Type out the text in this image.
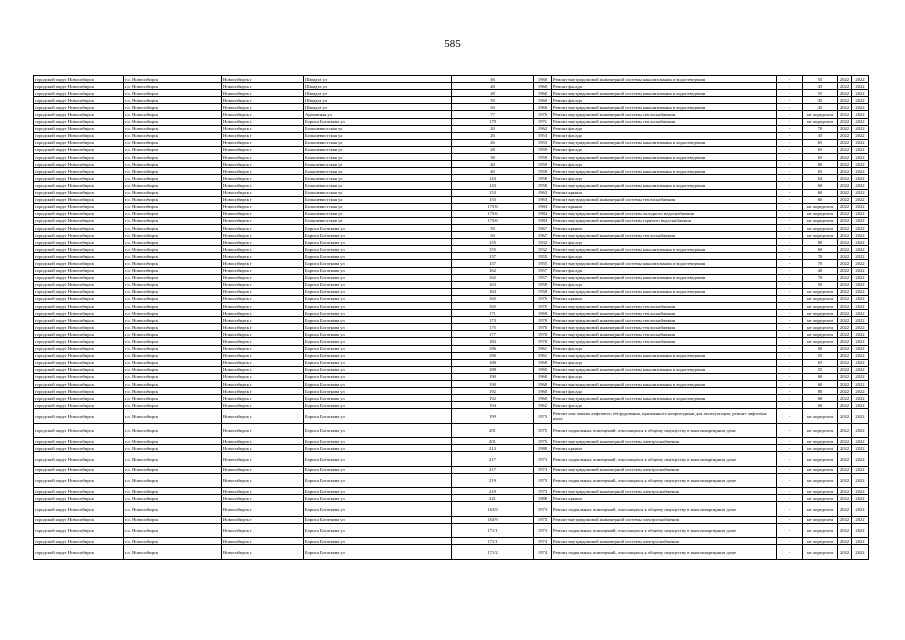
585
городской округ Новосибирск	г.о. Новосибирск	Новосибирск г	Шмидта ул	46	1960	Ремонт внутридомовой инженерной системы канализования и водоотведения	-	55	2022	2022
городской округ Новосибирск	г.о. Новосибирск	Новосибирск г	Шмидта ул	48	1960	Ремонт фасада	-	45	2022	2022
городской округ Новосибирск	г.о. Новосибирск	Новосибирск г	Шмидта ул	48	1960	Ремонт внутридомовой инженерной системы канализования и водоотведения	-	55	2022	2022
городской округ Новосибирск	г.о. Новосибирск	Новосибирск г	Шмидта ул	50	1960	Ремонт фасада	-	45	2022	2022
городской округ Новосибирск	г.о. Новосибирск	Новосибирск г	Шмидта ул	50	1960	Ремонт внутридомовой инженерной системы канализования и водоотведения	-	45	2022	2022
городской округ Новосибирск	г.о. Новосибирск	Новосибирск г	Ароматная ул	77	1970	Ремонт внутридомовой инженерной системы теплоснабжения	-	не определен	2022	2022
городской округ Новосибирск	г.о. Новосибирск	Новосибирск г	Бориса Богаткова ул	179	1971	Ремонт внутридомовой инженерной системы теплоснабжения	-	не определен	2022	2022
городской округ Новосибирск	г.о. Новосибирск	Новосибирск г	Большевистская ул	20	1962	Ремонт фасада	-	70	2022	2022
городской округ Новосибирск	г.о. Новосибирск	Новосибирск г	Большевистская ул	26	1953	Ремонт фасада	-	45	2022	2022
городской округ Новосибирск	г.о. Новосибирск	Новосибирск г	Большевистская ул	26	1953	Ремонт внутридомовой инженерной системы канализования и водоотведения	-	65	2022	2022
городской округ Новосибирск	г.о. Новосибирск	Новосибирск г	Большевистская ул	28	1959	Ремонт фасада	-	65	2022	2022
городской округ Новосибирск	г.о. Новосибирск	Новосибирск г	Большевистская ул	38	1959	Ремонт внутридомовой инженерной системы канализования и водоотведения	-	65	2022	2022
городской округ Новосибирск	г.о. Новосибирск	Новосибирск г	Большевистская ул	40	1959	Ремонт фасада	-	80	2022	2022
городской округ Новосибирск	г.о. Новосибирск	Новосибирск г	Большевистская ул	40	1959	Ремонт внутридомовой инженерной системы канализования и водоотведения	-	65	2022	2022
городской округ Новосибирск	г.о. Новосибирск	Новосибирск г	Большевистская ул	143	1958	Ремонт фасада	-	64	2022	2022
городской округ Новосибирск	г.о. Новосибирск	Новосибирск г	Большевистская ул	143	1958	Ремонт внутридомовой инженерной системы канализования и водоотведения	-	60	2022	2022
городской округ Новосибирск	г.о. Новосибирск	Новосибирск г	Большевистская ул	153	1963	Ремонт крыши	-	60	2022	2022
городской округ Новосибирск	г.о. Новосибирск	Новосибирск г	Большевистская ул	153	1963	Ремонт внутридомовой инженерной системы теплоснабжения	-	60	2022	2022
городской округ Новосибирск	г.о. Новосибирск	Новосибирск г	Большевистская ул	175/6	1984	Ремонт крыши	-	не определен	2022	2022
городской округ Новосибирск	г.о. Новосибирск	Новосибирск г	Большевистская ул	175/6	1984	Ремонт внутридомовой инженерной системы холодного водоснабжения	-	не определен	2022	2022
городской округ Новосибирск	г.о. Новосибирск	Новосибирск г	Большевистская ул	175/6	1984	Ремонт внутридомовой инженерной системы горячего водоснабжения	-	не определен	2022	2022
городской округ Новосибирск	г.о. Новосибирск	Новосибирск г	Бориса Богаткова ул	50	1967	Ремонт крыши	-	не определен	2022	2022
городской округ Новосибирск	г.о. Новосибирск	Новосибирск г	Бориса Богаткова ул	50	1967	Ремонт внутридомовой инженерной системы теплоснабжения	-	не определен	2022	2022
городской округ Новосибирск	г.о. Новосибирск	Новосибирск г	Бориса Богаткова ул	155	1932	Ремонт фасада	-	80	2022	2022
городской округ Новосибирск	г.о. Новосибирск	Новосибирск г	Бориса Богаткова ул	155	1932	Ремонт внутридомовой инженерной системы канализования и водоотведения	-	60	2022	2022
городской округ Новосибирск	г.о. Новосибирск	Новосибирск г	Бориса Богаткова ул	157	1955	Ремонт фасада	-	70	2022	2022
городской округ Новосибирск	г.о. Новосибирск	Новосибирск г	Бориса Богаткова ул	157	1955	Ремонт внутридомовой инженерной системы канализования и водоотведения	-	70	2022	2022
городской округ Новосибирск	г.о. Новосибирск	Новосибирск г	Бориса Богаткова ул	162	1957	Ремонт фасада	-	40	2022	2022
городской округ Новосибирск	г.о. Новосибирск	Новосибирск г	Бориса Богаткова ул	162	1957	Ремонт внутридомовой инженерной системы канализования и водоотведения	-	70	2022	2022
городской округ Новосибирск	г.о. Новосибирск	Новосибирск г	Бориса Богаткова ул	163	1958	Ремонт фасада	-	50	2022	2022
городской округ Новосибирск	г.о. Новосибирск	Новосибирск г	Бориса Богаткова ул	163	1958	Ремонт внутридомовой инженерной системы канализования и водоотведения	-	не определен	2022	2022
городской округ Новосибирск	г.о. Новосибирск	Новосибирск г	Бориса Богаткова ул	165	1970	Ремонт крыши	-	не определен	2022	2022
городской округ Новосибирск	г.о. Новосибирск	Новосибирск г	Бориса Богаткова ул	165	1970	Ремонт внутридомовой инженерной системы теплоснабжения	-	не определен	2022	2022
городской округ Новосибирск	г.о. Новосибирск	Новосибирск г	Бориса Богаткова ул	171	1969	Ремонт внутридомовой инженерной системы теплоснабжения	-	не определен	2022	2022
городской округ Новосибирск	г.о. Новосибирск	Новосибирск г	Бориса Богаткова ул	173	1970	Ремонт внутридомовой инженерной системы теплоснабжения	-	не определен	2022	2022
городской округ Новосибирск	г.о. Новосибирск	Новосибирск г	Бориса Богаткова ул	175	1970	Ремонт внутридомовой инженерной системы теплоснабжения	-	не определен	2022	2022
городской округ Новосибирск	г.о. Новосибирск	Новосибирск г	Бориса Богаткова ул	177	1970	Ремонт внутридомовой инженерной системы теплоснабжения	-	не определен	2022	2022
городской округ Новосибирск	г.о. Новосибирск	Новосибирск г	Бориса Богаткова ул	183	1970	Ремонт внутридомовой инженерной системы теплоснабжения	-	не определен	2022	2022
городской округ Новосибирск	г.о. Новосибирск	Новосибирск г	Бориса Богаткова ул	186	1961	Ремонт фасада	-	60	2022	2022
городской округ Новосибирск	г.о. Новосибирск	Новосибирск г	Бориса Богаткова ул	186	1961	Ремонт внутридомовой инженерной системы канализования и водоотведения	-	55	2022	2022
городской округ Новосибирск	г.о. Новосибирск	Новосибирск г	Бориса Богаткова ул	188	1960	Ремонт фасада	-	65	2022	2022
городской округ Новосибирск	г.о. Новосибирск	Новосибирск г	Бориса Богаткова ул	188	1960	Ремонт внутридомовой инженерной системы канализования и водоотведения	-	55	2022	2022
городской округ Новосибирск	г.о. Новосибирск	Новосибирск г	Бориса Богаткова ул	190	1960	Ремонт фасада	-	60	2022	2022
городской округ Новосибирск	г.о. Новосибирск	Новосибирск г	Бориса Богаткова ул	190	1960	Ремонт внутридомовой инженерной системы канализования и водоотведения	-	60	2022	2022
городской округ Новосибирск	г.о. Новосибирск	Новосибирск г	Бориса Богаткова ул	192	1960	Ремонт фасада	-	80	2022	2022
городской округ Новосибирск	г.о. Новосибирск	Новосибирск г	Бориса Богаткова ул	192	1960	Ремонт внутридомовой инженерной системы канализования и водоотведения	-	60	2022	2022
городской округ Новосибирск	г.о. Новосибирск	Новосибирск г	Бориса Богаткова ул	194	1962	Ремонт фасада	-	60	2022	2022
городской округ Новосибирск	г.о. Новосибирск	Новосибирск г	Бориса Богаткова ул	199	1973	Ремонт или замена лифтового оборудования, признанного непригодным для эксплуатации, ремонт лифтовых шахт	-	не определен	2022	2022
городской округ Новосибирск	г.о. Новосибирск	Новосибирск г	Бориса Богаткова ул	201	1975	Ремонт подвальных помещений, относящихся к общему имуществу в многоквартирном доме	-	не определен	2022	2022
городской округ Новосибирск	г.о. Новосибирск	Новосибирск г	Бориса Богаткова ул	201	1975	Ремонт внутридомовой инженерной системы электроснабжения	-	не определен	2022	2022
городской округ Новосибирск	г.о. Новосибирск	Новосибирск г	Бориса Богаткова ул	213	1989	Ремонт крыши	-	не определен	2022	2022
городской округ Новосибирск	г.о. Новосибирск	Новосибирск г	Бориса Богаткова ул	217	1973	Ремонт подвальных помещений, относящихся к общему имуществу в многоквартирном доме	-	не определен	2022	2022
городской округ Новосибирск	г.о. Новосибирск	Новосибирск г	Бориса Богаткова ул	217	1973	Ремонт внутридомовой инженерной системы электроснабжения	-	не определен	2022	2022
городской округ Новосибирск	г.о. Новосибирск	Новосибирск г	Бориса Богаткова ул	219	1973	Ремонт подвальных помещений, относящихся к общему имуществу в многоквартирном доме	-	не определен	2022	2022
городской округ Новосибирск	г.о. Новосибирск	Новосибирск г	Бориса Богаткова ул	219	1973	Ремонт внутридомовой инженерной системы электроснабжения	-	не определен	2022	2022
городской округ Новосибирск	г.о. Новосибирск	Новосибирск г	Бориса Богаткова ул	221	1988	Ремонт крыши	-	не определен	2022	2022
городской округ Новосибирск	г.о. Новосибирск	Новосибирск г	Бориса Богаткова ул	163/9	1973	Ремонт подвальных помещений, относящихся к общему имуществу в многоквартирном доме	-	не определен	2022	2022
городской округ Новосибирск	г.о. Новосибирск	Новосибирск г	Бориса Богаткова ул	163/9	1973	Ремонт внутридомовой инженерной системы электроснабжения	-	не определен	2022	2022
городской округ Новосибирск	г.о. Новосибирск	Новосибирск г	Бориса Богаткова ул	171/1	1973	Ремонт подвальных помещений, относящихся к общему имуществу в многоквартирном доме	-	не определен	2022	2022
городской округ Новосибирск	г.о. Новосибирск	Новосибирск г	Бориса Богаткова ул	171/1	1973	Ремонт внутридомовой инженерной системы электроснабжения	-	не определен	2022	2022
городской округ Новосибирск	г.о. Новосибирск	Новосибирск г	Бориса Богаткова ул	171/2	1974	Ремонт подвальных помещений, относящихся к общему имуществу в многоквартирном доме	-	не определен	2022	2022
